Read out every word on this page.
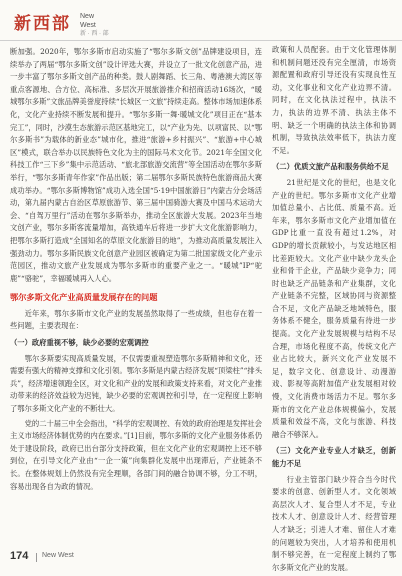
新西部 New West
新 · 西 · 部

断加强。2020年，鄂尔多斯市启动实施了“鄂尔多斯文创”品牌建设项目，连续举办了两届“鄂尔多斯文创”设计评选大赛，并设立了一批文化创意产品，进一步丰富了鄂尔多斯文创产品的种类。鼓人剧舞蹈、长三角、粤港澳大湾区等重点客源地、合方位、高标准、多层次开展旅游推介和招商活动16场次，“暖城鄂尔多斯”文旅品牌美誉度持续“长城区一文旅”持续走高。整体市场加速体系化，文化产业持续不断发展和提升。“鄂尔多斯一舞·暖城文化”项目正在“基本完工”，同时，沙漠生态旅游示范区基地完工，以“产业为先、以项富民、以“鄂尔多斯书”为载体的新业态”城市化，推进“旅游+乡村振兴”、“旅游+中心城区”模式，联合举办以民族特色文化为主的国际马术文化节。2021年全国文化科技工作“三下乡”集中示范活动、“旅北部旅游交流营”等全国活动在鄂尔多斯举行，“鄂尔多斯青年作家”作品出版；第二届鄂尔多斯民族特色旅游商品大赛成功举办。“鄂尔多斯博物馆”成功入选全国“5·19中国旅游日”内蒙古分会场活动，第九届内蒙古自治区草原旅游节、第三届中国骑游大赛及中国马术运动大会、“自驾万里行”活动在鄂尔多斯举办，推动全区旅游大发展。2023年当地文创产业，鄂尔多斯客流量增加，高铁通车后将进一步扩大文化旅游影响力，把鄂尔多斯打造成“全国知名的草原文化旅游目的地”，为推动高质量发展注入强劲动力。鄂尔多斯民族文化创意产业园区被确定为第二批国家级文化产业示范园区，推动文旅产业发展成为鄂尔多斯市的重要产业之一。“暖城”IP“驼鹿”“骆驼”，幸福暖城再入人心。

鄂尔多斯文化产业高质量发展存在的问题

近年来，鄂尔多斯市文化产业的发展虽然取得了一些成绩，但也存在着一些问题，主要表现在：

（一）政府重视不够，缺少必要的宏观调控

鄂尔多斯要实现高质量发展，不仅需要重视塑造鄂尔多斯精神和文化，还需要有强大的精神支撑和文化引领。鄂尔多斯是内蒙古经济发展“顶梁柱”“排头兵”，经济增速领跑全区，对文化和产业的发展和政策支持来看，对文化产业推动带来的经济效益较为迟钝，缺少必要的宏观调控和引导，在一定程度上影响了鄂尔多斯文化产业的不断壮大。

党的二十届三中全会指出，“科学的宏观调控、有效的政府治理是发挥社会主义市场经济体制优势的内在要求。”[1]目前，鄂尔多斯的文化产业服务体系仍处于建设阶段，政府已出台部分支持政策，但在文化产业的宏观调控上还不够到位，在引导文化产业由“一企一策”向集群化发展中出现滞后，产业链条不长。在整体规划上仍然没有完全理顺，各部门间的融合协调不够，分工不明，容易出现各自为政的情况。

政策和人员配套。由于文化管理体制和机制问题还没有完全厘清，市场资源配置和政府引导还没有实现良性互动，文化事业和文化产业边界不清。同时，在文化执法过程中，执法不力，执法的边界不清、执法主体不明、缺乏一个明确的执法主体和协调机制，导致执法效率低下，执法力度不足。

（二）优质文旅产品和服务供给不足

21世纪是文化的世纪，也是文化产业的世纪。鄂尔多斯市文化产业增加值总量小、占比低、质量不高。近年来，鄂尔多斯市文化产业增加值在GDP比重一直没有超过1.2%，对GDP的增长贡献较小，与发达地区相比差距较大。文化产业中缺少龙头企业和骨干企业，产品缺少竞争力；同时也缺乏产品链条和产业集群，文化产业链条不完整，区域协同与资源整合不足，文化产品缺乏地域特色，服务体系不健全，服务质量有待进一步提高。文化产业发展规模与结构不尽合理，市场化程度不高，传统文化产业占比较大，新兴文化产业发展不足，数字文化、创意设计、动漫游戏、影视等高附加值产业发展相对较慢，文化消费市场活力不足。鄂尔多斯市的文化产业总体规模偏小，发展质量和效益不高，文化与旅游、科技融合不够深入。

（三）文化产业专业人才缺乏，创新能力不足

行业主管部门缺少符合当今时代要求的创意、创新型人才。文化领域高层次人才、复合型人才不足，专业技术人才、创意设计人才、经营管理人才缺乏；引进人才难、留住人才难的问题较为突出，人才培养和使用机制不够完善，在一定程度上制约了鄂尔多斯文化产业的发展。

174 New West
